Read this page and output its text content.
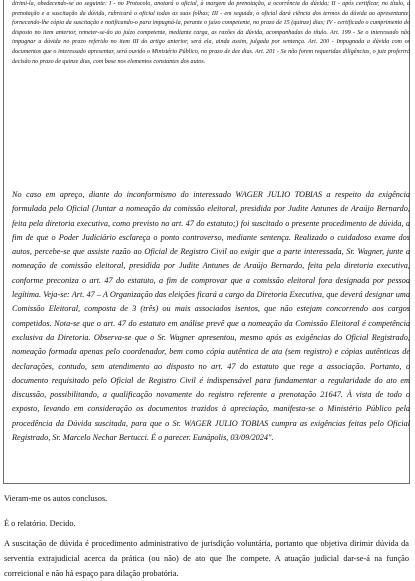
dirimi-la, obedecendo-se ao seguinte: I - no Protocolo, anotará o oficial, à margem da prenotação, a ocorrência da dúvida; II - após certificar, no título, a prenotação e a suscitação da dúvida, rubricará o oficial todas as suas folhas; III - em seguida, o oficial dará ciência dos termos da dúvida ao apresentante, fornecendo-lhe cópia da suscitação e notificando-o para impugná-la, perante o juízo competente, no prazo de 15 (quinze) dias; IV - certificado o cumprimento do disposto no item anterior, remeter-se-ão ao juízo competente, mediante carga, as razões da dúvida, acompanhadas do título. Art. 199 - Se o interessado não impugnar a dúvida no prazo referido no item III do artigo anterior, será ela, ainda assim, julgada por sentença. Art. 200 - Impugnada a dúvida com os documentos que o interessado apresentar, será ouvido o Ministério Público, no prazo de dez dias. Art. 201 - Se não forem requeridas diligências, o juiz proferirá decisão no prazo de quinze dias, com base nos elementos constantes dos autos.

No caso em apreço, diante do inconformismo do interessado WAGER JULIO TOBIAS a respeito da exigência formulada pelo Oficial (Juntar a nomeação da comissão eleitoral, presidida por Judite Antunes de Araújo Bernardo, feita pela diretoria executiva, como previsto no art. 47 do estatuto;) foi suscitado o presente procedimento de dúvida, a fim de que o Poder Judiciário esclareça o ponto controverso, mediante sentença. Realizado o cuidadoso exame dos autos, percebe-se que assiste razão ao Oficial de Registro Civil ao exigir que a parte interessada, Sr. Wagner, junte a nomeação de comissão eleitoral, presidida por Judite Antunes de Araújo Bernardo, feita pela diretoria executiva, conforme preconiza o art. 47 do estatuto, a fim de comprovar que a comissão eleitoral fora designada por pessoa legítima. Veja-se: Art. 47 – A Organização das eleições ficará a cargo da Diretoria Executiva, que deverá designar uma Comissão Eleitoral, composta de 3 (três) ou mais associados isentos, que não estejam concorrendo aos cargos competidos. Nota-se que o art. 47 do estatuto em análise prevê que a nomeação da Comissão Eleitoral é competência exclusiva da Diretoria. Observa-se que o Sr. Wagner apresentou, mesmo após as exigências do Oficial Registrado, nomeação formada apenas pelo coordenador, bem como cópia autêntica de ata (sem registro) e cópias autênticas de declarações, contudo, sem atendimento ao disposto no art. 47 do estatuto que rege a associação. Portanto, o documento requisitado pelo Oficial de Registro Civil é indispensável para fundamentar a regularidade do ato em discussão, possibilitando, a qualificação novamente do registro referente a prenotação 21647. À vista de todo o exposto, levando em consideração os documentos trazidos à apreciação, manifesta-se o Ministério Público pela procedência da Dúvida suscitada, para que o Sr. WAGER JULIO TOBIAS cumpra as exigências feitas pelo Oficial Registrado, Sr. Marcelo Nechar Bertucci. É o parecer. Eunápolis, 03/09/2024".

Vieram-me os autos conclusos.

É o relatório. Decido.

A suscitação de dúvida é procedimento administrativo de jurisdição voluntária, portanto que objetiva dirimir dúvida da serventia extrajudicial acerca da prática (ou não) de ato que lhe compete. A atuação judicial dar-se-á na função correicional e não há espaço para dilação probatória.
